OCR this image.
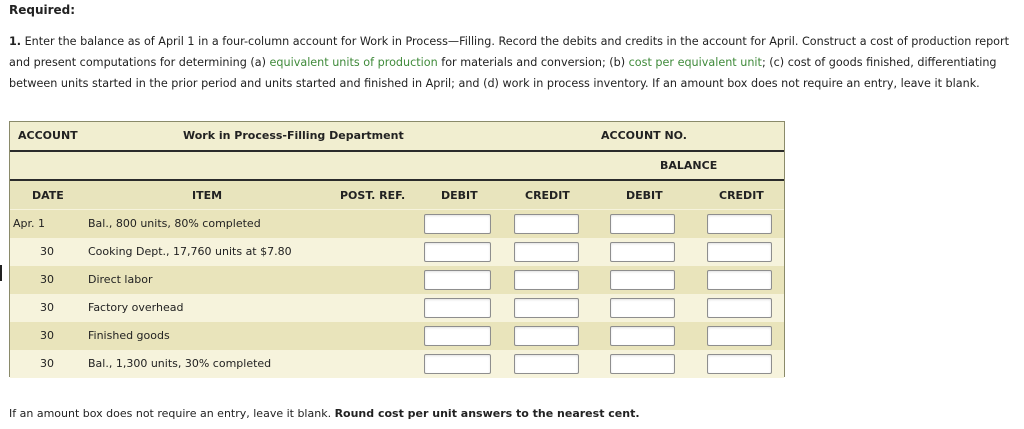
Required:
1. Enter the balance as of April 1 in a four-column account for Work in Process—Filling. Record the debits and credits in the account for April. Construct a cost of production report and present computations for determining (a) equivalent units of production for materials and conversion; (b) cost per equivalent unit; (c) cost of goods finished, differentiating between units started in the prior period and units started and finished in April; and (d) work in process inventory. If an amount box does not require an entry, leave it blank.
ACCOUNT	Work in Process-Filling Department	ACCOUNT NO.
BALANCE
DATE	ITEM	POST. REF.	DEBIT	CREDIT	DEBIT	CREDIT
Apr. 1	Bal., 800 units, 80% completed
30	Cooking Dept., 17,760 units at $7.80
30	Direct labor
30	Factory overhead
30	Finished goods
30	Bal., 1,300 units, 30% completed
If an amount box does not require an entry, leave it blank. Round cost per unit answers to the nearest cent.
